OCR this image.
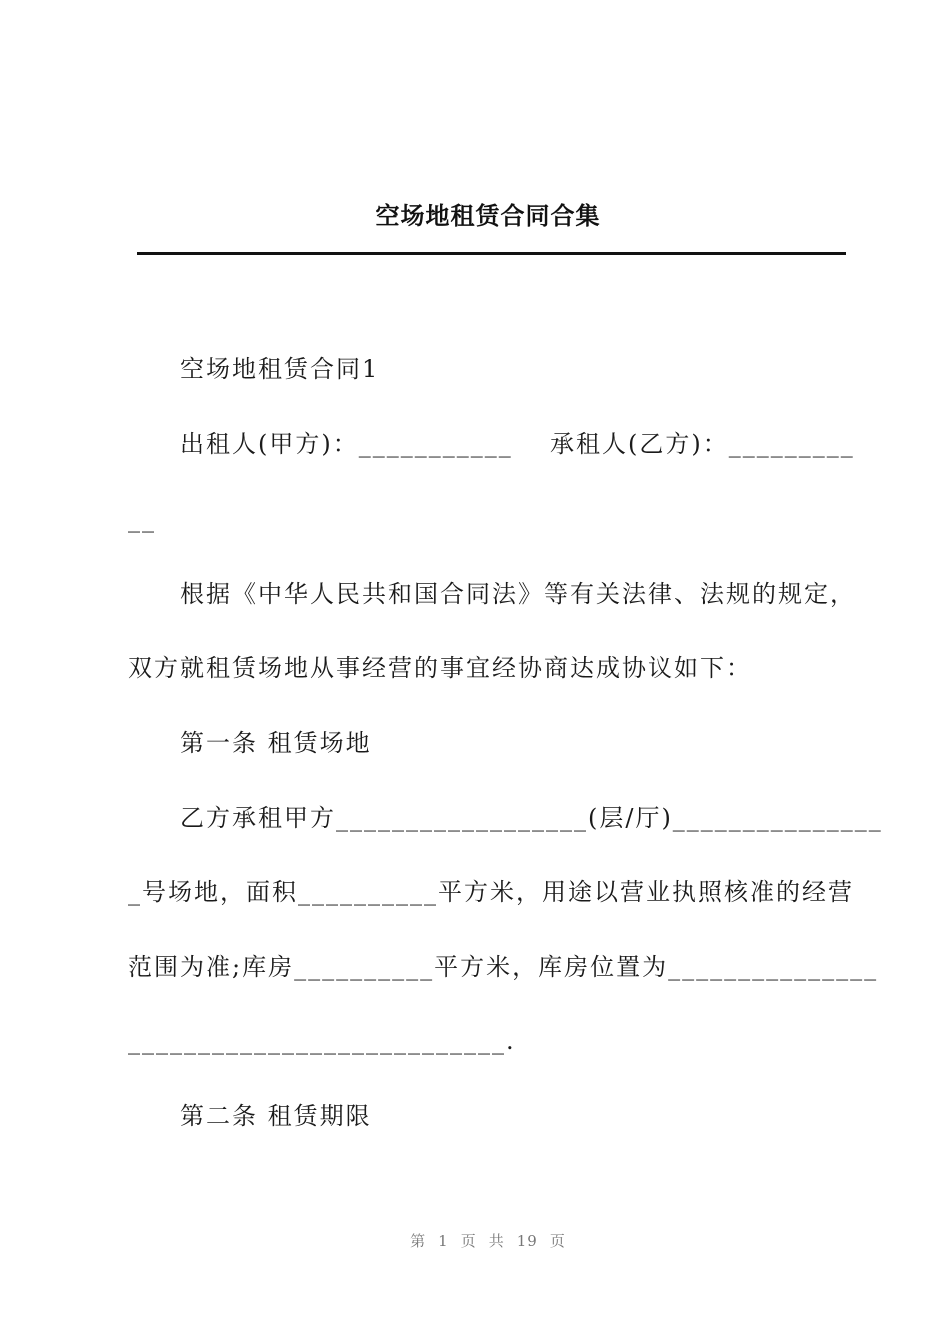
空场地租赁合同合集
空场地租赁合同1
出租人(甲方)：___________ 承租人(乙方)：_________
__
根据《中华人民共和国合同法》等有关法律、法规的规定，
双方就租赁场地从事经营的事宜经协商达成协议如下：
第一条 租赁场地
乙方承租甲方__________________(层/厅)_______________
_号场地，面积__________平方米，用途以营业执照核准的经营
范围为准;库房__________平方米，库房位置为_______________
___________________________.
第二条 租赁期限
第 1 页 共 19 页
